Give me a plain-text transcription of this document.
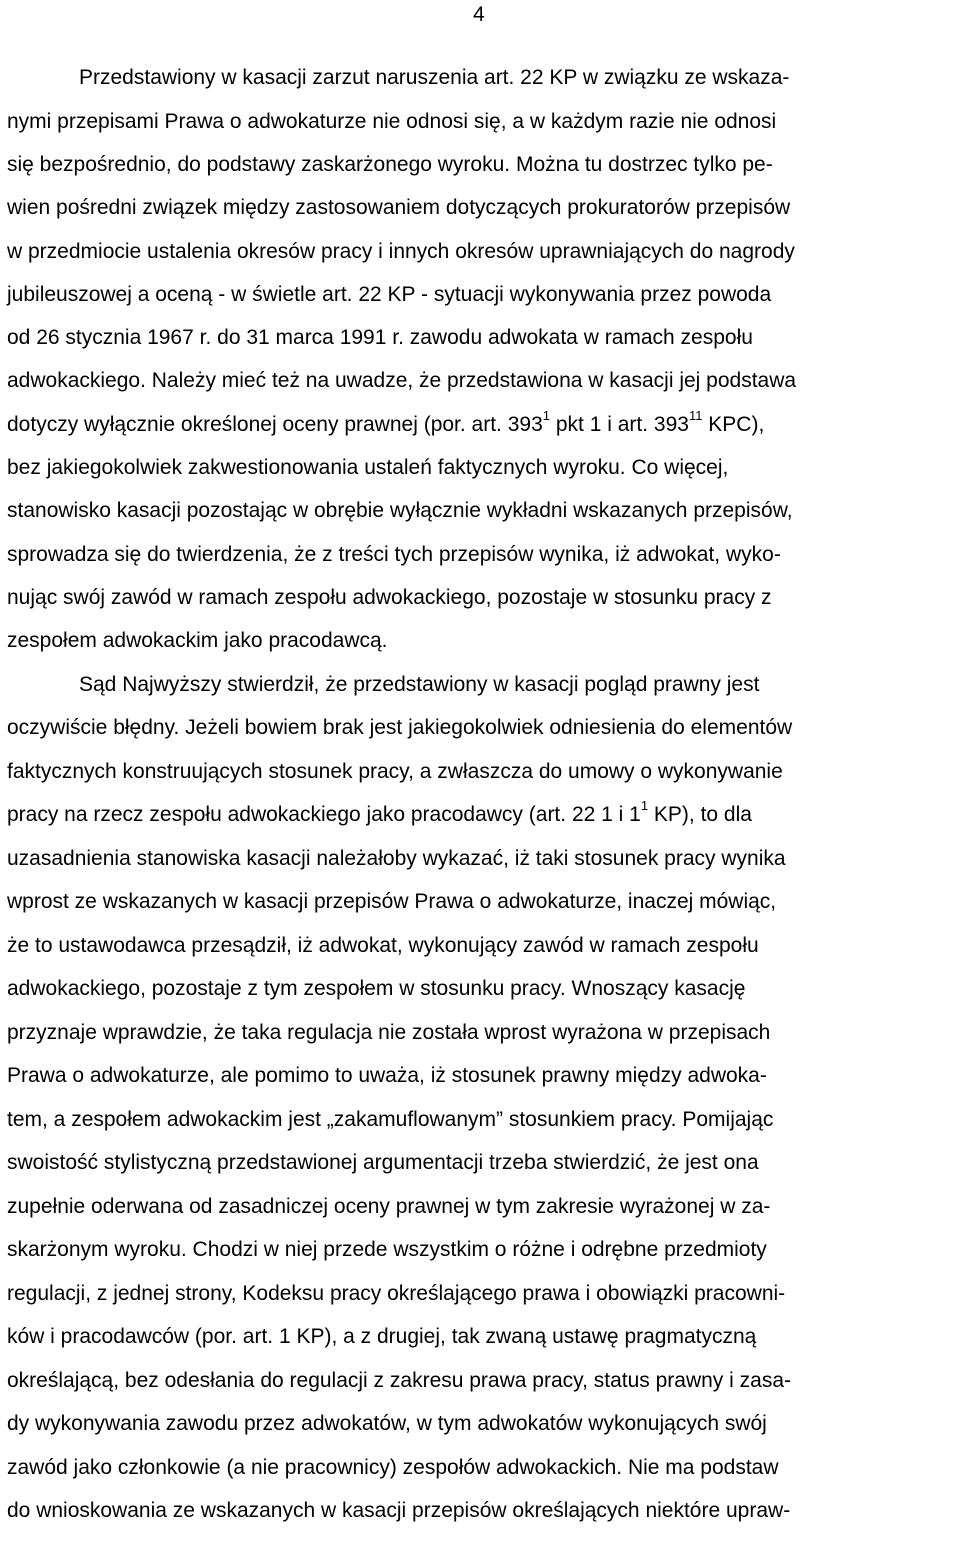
4
Przedstawiony w kasacji zarzut naruszenia art. 22 KP w związku ze wskaza-
nymi przepisami Prawa o adwokaturze nie odnosi się, a w każdym razie nie odnosi
się bezpośrednio, do podstawy zaskarżonego wyroku. Można tu dostrzec tylko pe-
wien pośredni związek między zastosowaniem dotyczących prokuratorów przepisów
w przedmiocie ustalenia okresów pracy i innych okresów uprawniających do nagrody
jubileuszowej a oceną - w świetle art. 22 KP - sytuacji wykonywania przez powoda
od 26 stycznia 1967 r. do 31 marca 1991 r. zawodu adwokata w ramach zespołu
adwokackiego. Należy mieć też na uwadze, że przedstawiona w kasacji jej podstawa
dotyczy wyłącznie określonej oceny prawnej (por. art. $393^1$ pkt 1 i art. $393^{11}$ KPC),
bez jakiegokolwiek zakwestionowania ustaleń faktycznych wyroku. Co więcej,
stanowisko kasacji pozostając w obrębie wyłącznie wykładni wskazanych przepisów,
sprowadza się do twierdzenia, że z treści tych przepisów wynika, iż adwokat, wyko-
nując swój zawód w ramach zespołu adwokackiego, pozostaje w stosunku pracy z
zespołem adwokackim jako pracodawcą.
Sąd Najwyższy stwierdził, że przedstawiony w kasacji pogląd prawny jest
oczywiście błędny. Jeżeli bowiem brak jest jakiegokolwiek odniesienia do elementów
faktycznych konstruujących stosunek pracy, a zwłaszcza do umowy o wykonywanie
pracy na rzecz zespołu adwokackiego jako pracodawcy (art. 22 1 i $1^1$ KP), to dla
uzasadnienia stanowiska kasacji należałoby wykazać, iż taki stosunek pracy wynika
wprost ze wskazanych w kasacji przepisów Prawa o adwokaturze, inaczej mówiąc,
że to ustawodawca przesądził, iż adwokat, wykonujący zawód w ramach zespołu
adwokackiego, pozostaje z tym zespołem w stosunku pracy. Wnoszący kasację
przyznaje wprawdzie, że taka regulacja nie została wprost wyrażona w przepisach
Prawa o adwokaturze, ale pomimo to uważa, iż stosunek prawny między adwoka-
tem, a zespołem adwokackim jest „zakamuflowanym” stosunkiem pracy. Pomijając
swoistość stylistyczną przedstawionej argumentacji trzeba stwierdzić, że jest ona
zupełnie oderwana od zasadniczej oceny prawnej w tym zakresie wyrażonej w za-
skarżonym wyroku. Chodzi w niej przede wszystkim o różne i odrębne przedmioty
regulacji, z jednej strony, Kodeksu pracy określającego prawa i obowiązki pracowni-
ków i pracodawców (por. art. 1 KP), a z drugiej, tak zwaną ustawę pragmatyczną
określającą, bez odesłania do regulacji z zakresu prawa pracy, status prawny i zasa-
dy wykonywania zawodu przez adwokatów, w tym adwokatów wykonujących swój
zawód jako członkowie (a nie pracownicy) zespołów adwokackich. Nie ma podstaw
do wnioskowania ze wskazanych w kasacji przepisów określających niektóre upraw-
